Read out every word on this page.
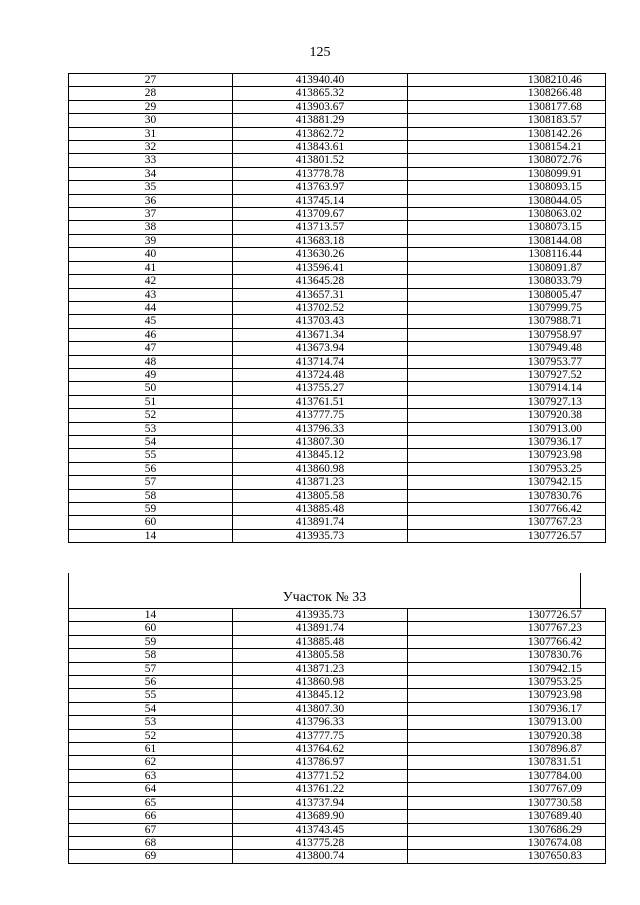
125
27	413940.40	1308210.46
28	413865.32	1308266.48
29	413903.67	1308177.68
30	413881.29	1308183.57
31	413862.72	1308142.26
32	413843.61	1308154.21
33	413801.52	1308072.76
34	413778.78	1308099.91
35	413763.97	1308093.15
36	413745.14	1308044.05
37	413709.67	1308063.02
38	413713.57	1308073.15
39	413683.18	1308144.08
40	413630.26	1308116.44
41	413596.41	1308091.87
42	413645.28	1308033.79
43	413657.31	1308005.47
44	413702.52	1307999.75
45	413703.43	1307988.71
46	413671.34	1307958.97
47	413673.94	1307949.48
48	413714.74	1307953.77
49	413724.48	1307927.52
50	413755.27	1307914.14
51	413761.51	1307927.13
52	413777.75	1307920.38
53	413796.33	1307913.00
54	413807.30	1307936.17
55	413845.12	1307923.98
56	413860.98	1307953.25
57	413871.23	1307942.15
58	413805.58	1307830.76
59	413885.48	1307766.42
60	413891.74	1307767.23
14	413935.73	1307726.57
Участок № 33
14	413935.73	1307726.57
60	413891.74	1307767.23
59	413885.48	1307766.42
58	413805.58	1307830.76
57	413871.23	1307942.15
56	413860.98	1307953.25
55	413845.12	1307923.98
54	413807.30	1307936.17
53	413796.33	1307913.00
52	413777.75	1307920.38
61	413764.62	1307896.87
62	413786.97	1307831.51
63	413771.52	1307784.00
64	413761.22	1307767.09
65	413737.94	1307730.58
66	413689.90	1307689.40
67	413743.45	1307686.29
68	413775.28	1307674.08
69	413800.74	1307650.83
